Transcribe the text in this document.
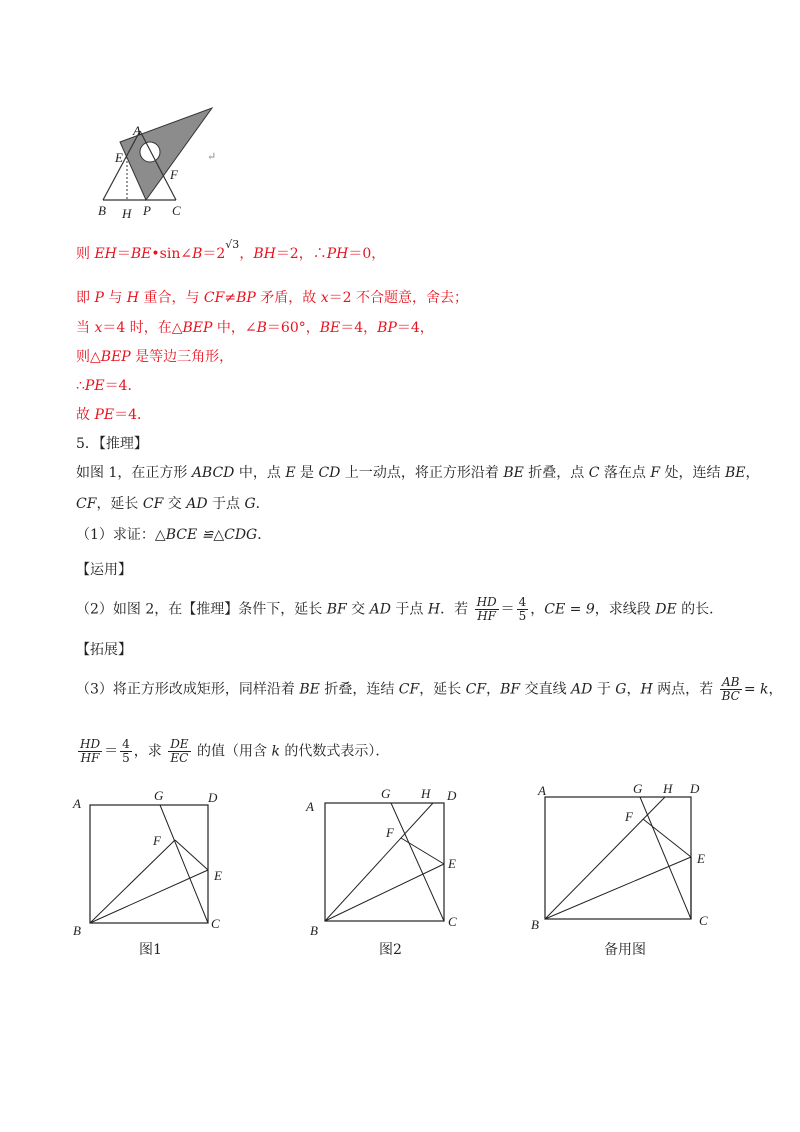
A
E
F
B H P C
↵
则 $EH=BE•\sin\angle B=2^{√3}$，BH＝2，∴PH＝0，
即 P 与 H 重合，与 CF≠BP 矛盾，故 x＝2 不合题意，舍去；
当 x＝4 时，在△BEP 中，∠B＝60°，BE＝4，BP＝4，
则△BEP 是等边三角形，
∴PE＝4．
故 PE＝4．
5．【推理】
如图 1，在正方形 ABCD 中，点 E 是 CD 上一动点，将正方形沿着 BE 折叠，点 C 落在点 F 处，连结 BE，
CF，延长 CF 交 AD 于点 G．
（1）求证：△BCE ≌△CDG．
【运用】
（2）如图 2，在【推理】条件下，延长 BF 交 AD 于点 H．若 $\frac{HD}{HF} = \frac{4}{5}$ ，CE = 9，求线段 DE 的长．
【拓展】
（3）将正方形改成矩形，同样沿着 BE 折叠，连结 CF，延长 CF，BF 交直线 AD 于 G，H 两点，若 $\frac{AB}{BC} = k$，
$\frac{HD}{HF} = \frac{4}{5}$ ，求 $\frac{DE}{EC}$ 的值（用含 k 的代数式表示）．
A
G	D
F
E
B	C
图1
A
G H D
F
E
B
C
图2
A	G H D
F
E
B	C
备用图
